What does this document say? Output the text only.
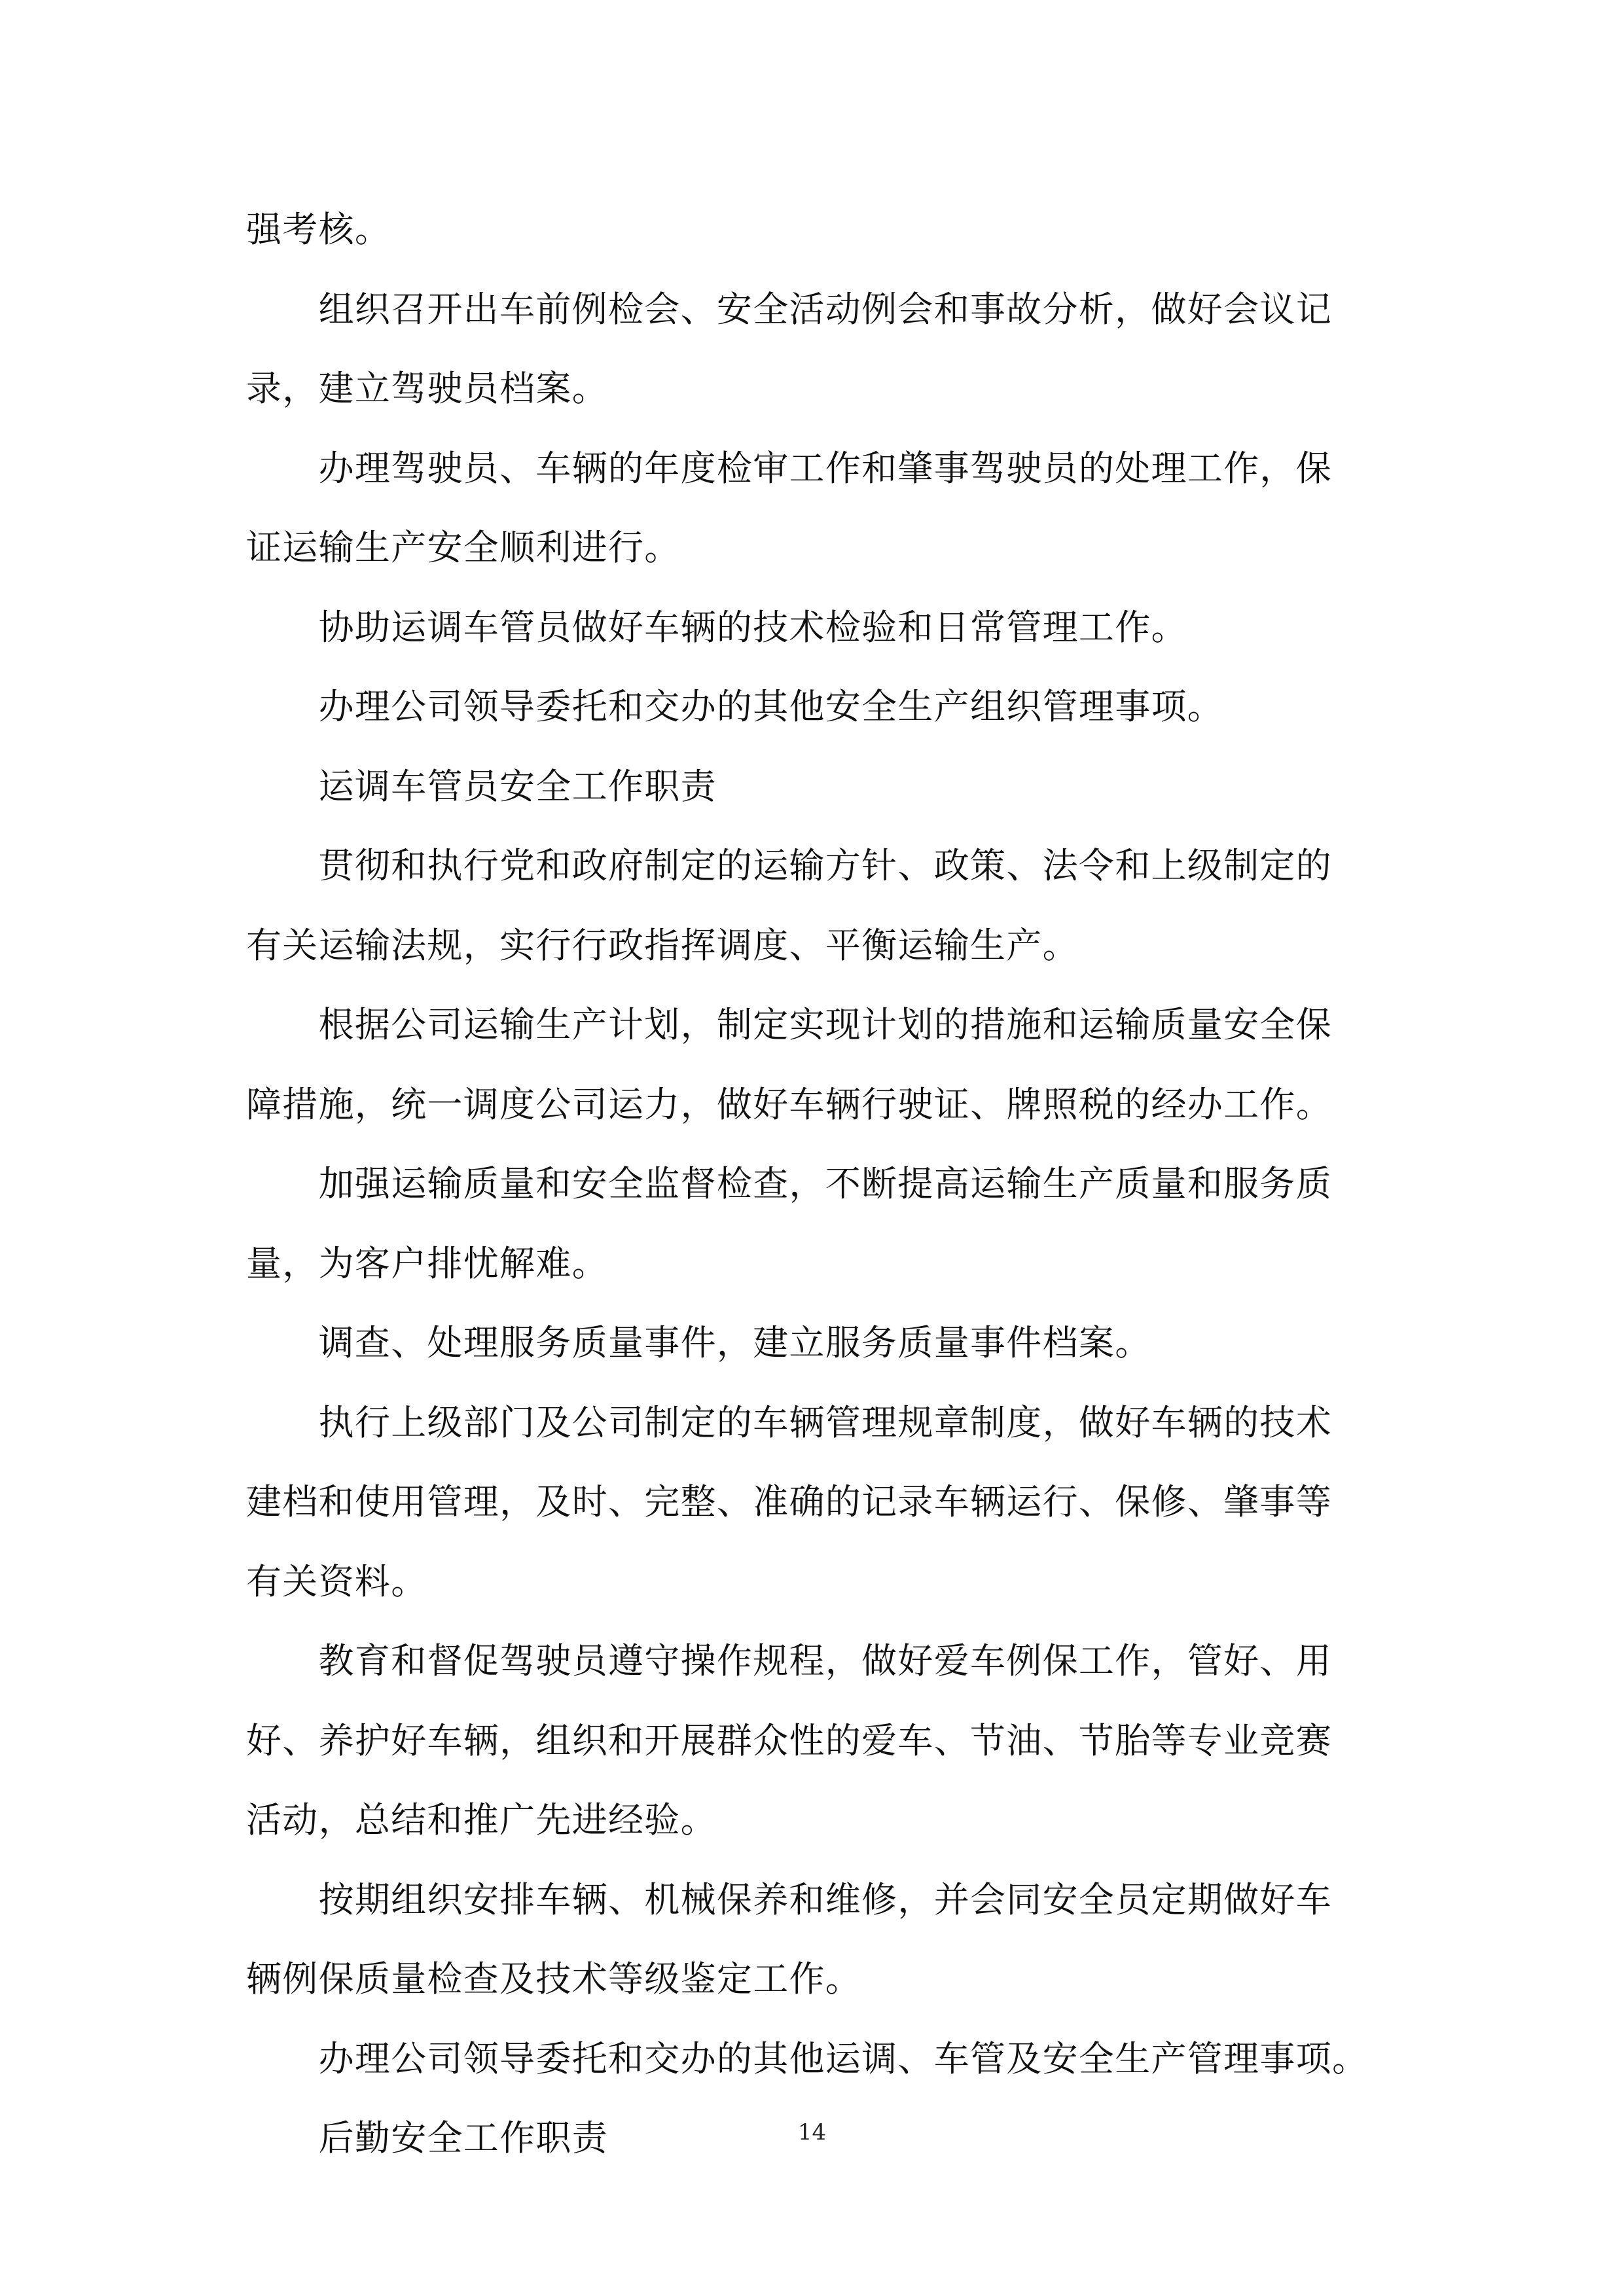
强考核。

　　组织召开出车前例检会、安全活动例会和事故分析，做好会议记
录，建立驾驶员档案。

　　办理驾驶员、车辆的年度检审工作和肇事驾驶员的处理工作，保
证运输生产安全顺利进行。

　　协助运调车管员做好车辆的技术检验和日常管理工作。

　　办理公司领导委托和交办的其他安全生产组织管理事项。

　　运调车管员安全工作职责

　　贯彻和执行党和政府制定的运输方针、政策、法令和上级制定的
有关运输法规，实行行政指挥调度、平衡运输生产。

　　根据公司运输生产计划，制定实现计划的措施和运输质量安全保
障措施，统一调度公司运力，做好车辆行驶证、牌照税的经办工作。

　　加强运输质量和安全监督检查，不断提高运输生产质量和服务质
量，为客户排忧解难。

　　调查、处理服务质量事件，建立服务质量事件档案。

　　执行上级部门及公司制定的车辆管理规章制度，做好车辆的技术
建档和使用管理，及时、完整、准确的记录车辆运行、保修、肇事等
有关资料。

　　教育和督促驾驶员遵守操作规程，做好爱车例保工作，管好、用
好、养护好车辆，组织和开展群众性的爱车、节油、节胎等专业竞赛
活动，总结和推广先进经验。

　　按期组织安排车辆、机械保养和维修，并会同安全员定期做好车
辆例保质量检查及技术等级鉴定工作。

　　办理公司领导委托和交办的其他运调、车管及安全生产管理事项。

　　后勤安全工作职责	14
